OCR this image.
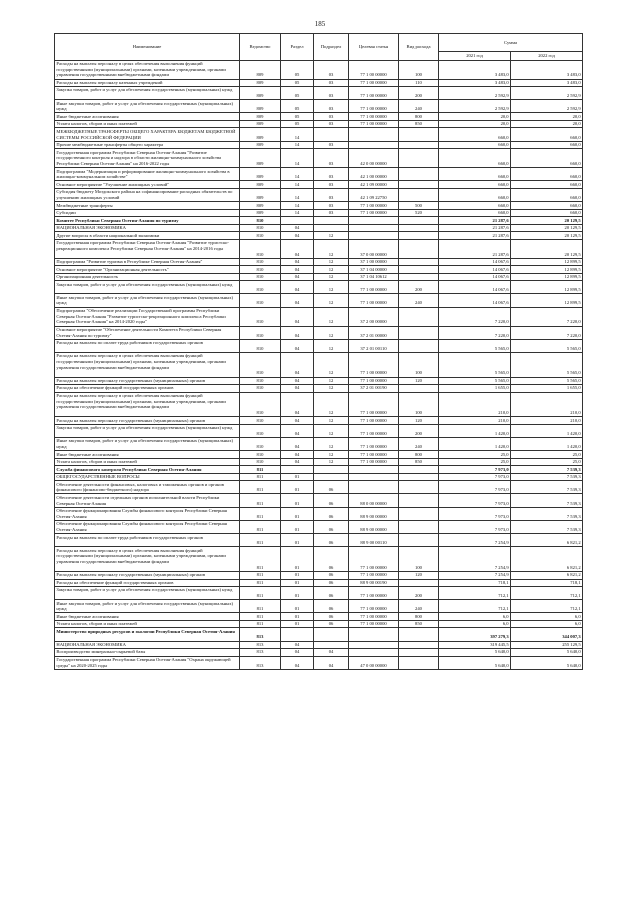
185
Наименование	Ведомство	Раздел	Подраздел	Целевая статья	Вид расхода	Сумма	
						2021 год	2022 год
Расходы на выплаты персоналу в целях обеспечения выполнения функций государственными (муниципальными) органами, казенными учреждениями, органами управления государственными внебюджетными фондами	809	05	03	77 1 00 00000	100	3 483,0	3 483,0
Расходы на выплаты персоналу казенных учреждений	809	05	03	77 1 00 00000	110	3 483,0	3 483,0
Закупка товаров, работ и услуг для обеспечения государственных (муниципальных) нужд	809	05	03	77 1 00 00000	200	2 592,9	2 592,9
Иные закупки товаров, работ и услуг для обеспечения государственных (муниципальных) нужд	809	05	03	77 1 00 00000	240	2 592,9	2 592,9
Иные бюджетные ассигнования	809	05	03	77 1 00 00000	800	20,0	20,0
Уплата налогов, сборов и иных платежей	809	05	03	77 1 00 00000	850	20,0	20,0
МЕЖБЮДЖЕТНЫЕ ТРАНСФЕРТЫ ОБЩЕГО ХАРАКТЕРА БЮДЖЕТАМ БЮДЖЕТНОЙ СИСТЕМЫ РОССИЙСКОЙ ФЕДЕРАЦИИ	809	14				660,0	660,0
Прочие межбюджетные трансферты общего характера	809	14	03			660,0	660,0
Государственная программа Республики Северная Осетия-Алания "Развитие государственного контроля и надзора в области жилищно-коммунального хозяйства Республики Северная Осетия-Алания" на 2016-2022 годы	809	14	03	42 0 00 00000		660,0	660,0
Подпрограмма "Модернизация и реформирование жилищно-коммунального хозяйства в жилищно-коммунальном хозяйстве"	809	14	03	42 1 00 00000		660,0	660,0
Основное мероприятие "Улучшение жилищных условий"	809	14	03	42 1 09 00000		660,0	660,0
Субсидия бюджету Моздокского района на софинансирование расходных обязательств по улучшению жилищных условий	809	14	03	42 1 09 22750		660,0	660,0
Межбюджетные трансферты	809	14	03	77 1 00 00000	500	660,0	660,0
Субсидии	809	14	03	77 1 00 00000	520	660,0	660,0
Комитет Республики Северная Осетия-Алания по туризму	810					21 287,6	20 129,5
НАЦИОНАЛЬНАЯ ЭКОНОМИКА	810	04				21 287,6	20 129,5
Другие вопросы в области национальной экономики	810	04	12			21 287,6	20 129,5
Государственная программа Республики Северная Осетия-Алания "Развитие туристско-рекреационного комплекса Республики Северная Осетия-Алания" на 2014-2016 годы	810	04	12	37 0 00 00000		21 287,6	20 129,5
Подпрограмма "Развитие туризма в Республике Северная Осетия-Алания"	810	04	12	37 1 00 00000		14 067,6	12 899,5
Основное мероприятие "Организационная деятельность"	810	04	12	37 1 04 00000		14 067,6	12 899,5
Организационная деятельность	810	04	12	37 1 04 10612		14 067,6	12 899,5
Закупка товаров, работ и услуг для обеспечения государственных (муниципальных) нужд	810	04	12	77 1 00 00000	200	14 067,6	12 899,5
Иные закупки товаров, работ и услуг для обеспечения государственных (муниципальных) нужд	810	04	12	77 1 00 00000	240	14 067,6	12 899,5
Подпрограмма "Обеспечение реализации Государственной программы Республики Северная Осетия-Алания "Развитие туристско-рекреационного комплекса Республики Северная Осетия-Алания" на 2014-2020 годы"	810	04	12	37 2 00 00000		7 220,0	7 220,0
Основное мероприятие "Обеспечение деятельности Комитета Республики Северная Осетия-Алания по туризму"	810	04	12	37 2 01 00000		7 220,0	7 220,0
Расходы на выплаты по оплате труда работников государственных органов	810	04	12	37 2 01 00110		5 565,0	5 565,0
Расходы на выплаты персоналу в целях обеспечения выполнения функций государственными (муниципальными) органами, казенными учреждениями, органами управления государственными внебюджетными фондами	810	04	12	77 1 00 00000	100	5 565,0	5 565,0
Расходы на выплаты персоналу государственных (муниципальных) органов	810	04	12	77 1 00 00000	120	5 565,0	5 565,0
Расходы на обеспечение функций государственных органов	810	04	12	37 2 01 00190		1 655,0	1 655,0
Расходы на выплаты персоналу в целях обеспечения выполнения функций государственными (муниципальными) органами, казенными учреждениями, органами управления государственными внебюджетными фондами	810	04	12	77 1 00 00000	100	210,0	210,0
Расходы на выплаты персоналу государственных (муниципальных) органов	810	04	12	77 1 00 00000	120	210,0	210,0
Закупка товаров, работ и услуг для обеспечения государственных (муниципальных) нужд	810	04	12	77 1 00 00000	200	1 420,0	1 420,0
Иные закупки товаров, работ и услуг для обеспечения государственных (муниципальных) нужд	810	04	12	77 1 00 00000	240	1 420,0	1 420,0
Иные бюджетные ассигнования	810	04	12	77 1 00 00000	800	25,0	25,0
Уплата налогов, сборов и иных платежей	810	04	12	77 1 00 00000	850	25,0	25,0
Служба финансового контроля Республики Северная Осетия-Алания	811					7 973,0	7 539,3
ОБЩЕГОСУДАРСТВЕННЫЕ ВОПРОСЫ	811	01				7 973,0	7 539,3
Обеспечение деятельности финансовых, налоговых и таможенных органов и органов финансового (финансово-бюджетного) надзора	811	01	06			7 973,0	7 539,3
Обеспечение деятельности отдельных органов исполнительной власти Республики Северная Осетия-Алания	811	01	06	88 0 00 00000		7 973,0	7 539,3
Обеспечение функционирования Службы финансового контроля Республики Северная Осетия-Алания	811	01	06	88 9 00 00000		7 973,0	7 539,3
Обеспечение функционирования Службы финансового контроля Республики Северная Осетия-Алания	811	01	06	88 9 00 00000		7 973,0	7 539,3
Расходы на выплаты по оплате труда работников государственных органов	811	01	06	88 9 00 00110		7 254,9	6 821,2
Расходы на выплаты персоналу в целях обеспечения выполнения функций государственными (муниципальными) органами, казенными учреждениями, органами управления государственными внебюджетными фондами	811	01	06	77 1 00 00000	100	7 254,9	6 821,2
Расходы на выплаты персоналу государственных (муниципальных) органов	811	01	06	77 1 00 00000	120	7 254,9	6 821,2
Расходы на обеспечение функций государственных органов	811	01	06	88 9 00 00190		718,1	718,1
Закупка товаров, работ и услуг для обеспечения государственных (муниципальных) нужд	811	01	06	77 1 00 00000	200	712,1	712,1
Иные закупки товаров, работ и услуг для обеспечения государственных (муниципальных) нужд	811	01	06	77 1 00 00000	240	712,1	712,1
Иные бюджетные ассигнования	811	01	06	77 1 00 00000	800	6,0	6,0
Уплата налогов, сборов и иных платежей	811	01	06	77 1 00 00000	850	6,0	6,0
Министерство природных ресурсов и экологии Республики Северная Осетия-Алания	813					397 279,3	344 007,3
НАЦИОНАЛЬНАЯ ЭКОНОМИКА	813	04				319 445,5	255 129,5
Воспроизводство минерально-сырьевой базы	813	04	04			5 640,0	5 640,0
Государственная программа Республики Северная Осетия-Алания "Охрана окружающей среды" на 2020-2025 годы	813	04	04	47 0 00 00000		5 640,0	5 640,0
